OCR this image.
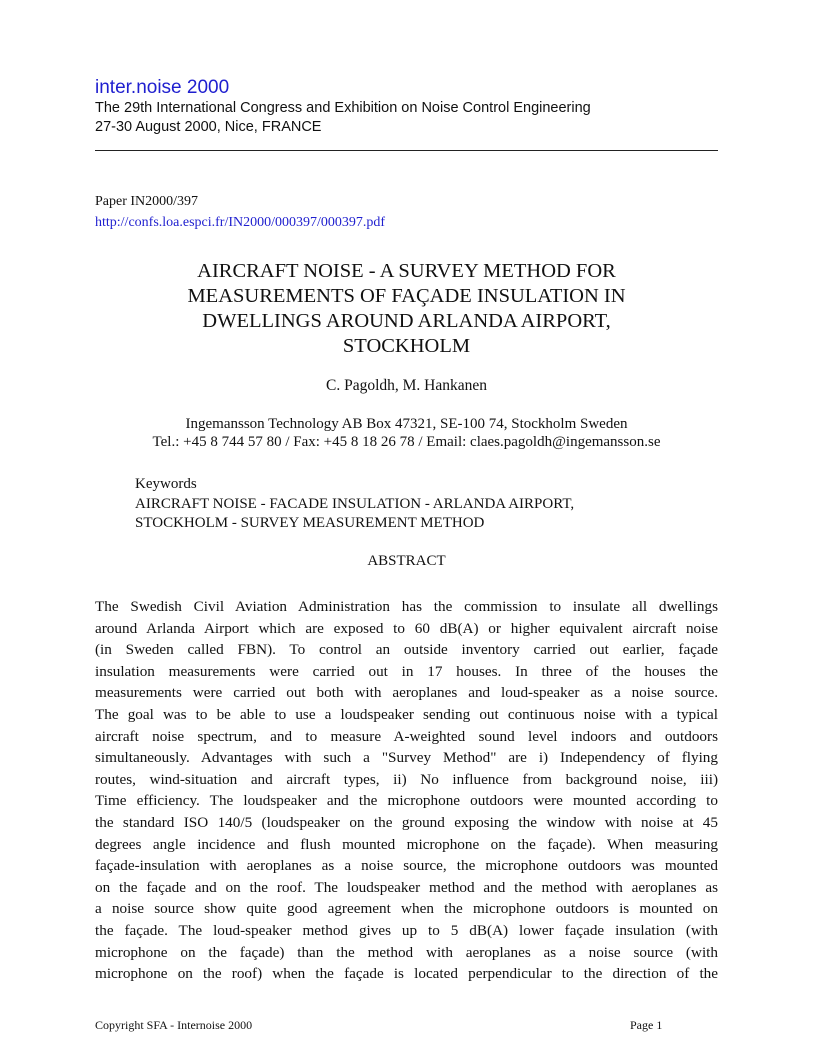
inter.noise 2000
The 29th International Congress and Exhibition on Noise Control Engineering
27-30 August 2000, Nice, FRANCE
Paper IN2000/397
http://confs.loa.espci.fr/IN2000/000397/000397.pdf
AIRCRAFT NOISE - A SURVEY METHOD FOR
MEASUREMENTS OF FAÇADE INSULATION IN
DWELLINGS AROUND ARLANDA AIRPORT,
STOCKHOLM
C. Pagoldh, M. Hankanen
Ingemansson Technology AB Box 47321, SE-100 74, Stockholm Sweden
Tel.: +45 8 744 57 80 / Fax: +45 8 18 26 78 / Email: claes.pagoldh@ingemansson.se
Keywords
AIRCRAFT NOISE - FACADE INSULATION - ARLANDA AIRPORT,
STOCKHOLM - SURVEY MEASUREMENT METHOD
ABSTRACT
The Swedish Civil Aviation Administration has the commission to insulate all dwellings
around Arlanda Airport which are exposed to 60 dB(A) or higher equivalent aircraft noise
(in Sweden called FBN). To control an outside inventory carried out earlier, façade
insulation measurements were carried out in 17 houses. In three of the houses the
measurements were carried out both with aeroplanes and loud-speaker as a noise source.
The goal was to be able to use a loudspeaker sending out continuous noise with a typical
aircraft noise spectrum, and to measure A-weighted sound level indoors and outdoors
simultaneously. Advantages with such a "Survey Method" are i) Independency of flying
routes, wind-situation and aircraft types, ii) No influence from background noise, iii)
Time efficiency. The loudspeaker and the microphone outdoors were mounted according to
the standard ISO 140/5 (loudspeaker on the ground exposing the window with noise at 45
degrees angle incidence and flush mounted microphone on the façade). When measuring
façade-insulation with aeroplanes as a noise source, the microphone outdoors was mounted
on the façade and on the roof. The loudspeaker method and the method with aeroplanes as
a noise source show quite good agreement when the microphone outdoors is mounted on
the façade. The loud-speaker method gives up to 5 dB(A) lower façade insulation (with
microphone on the façade) than the method with aeroplanes as a noise source (with
microphone on the roof) when the façade is located perpendicular to the direction of the
Copyright SFA - Internoise 2000	Page 1
